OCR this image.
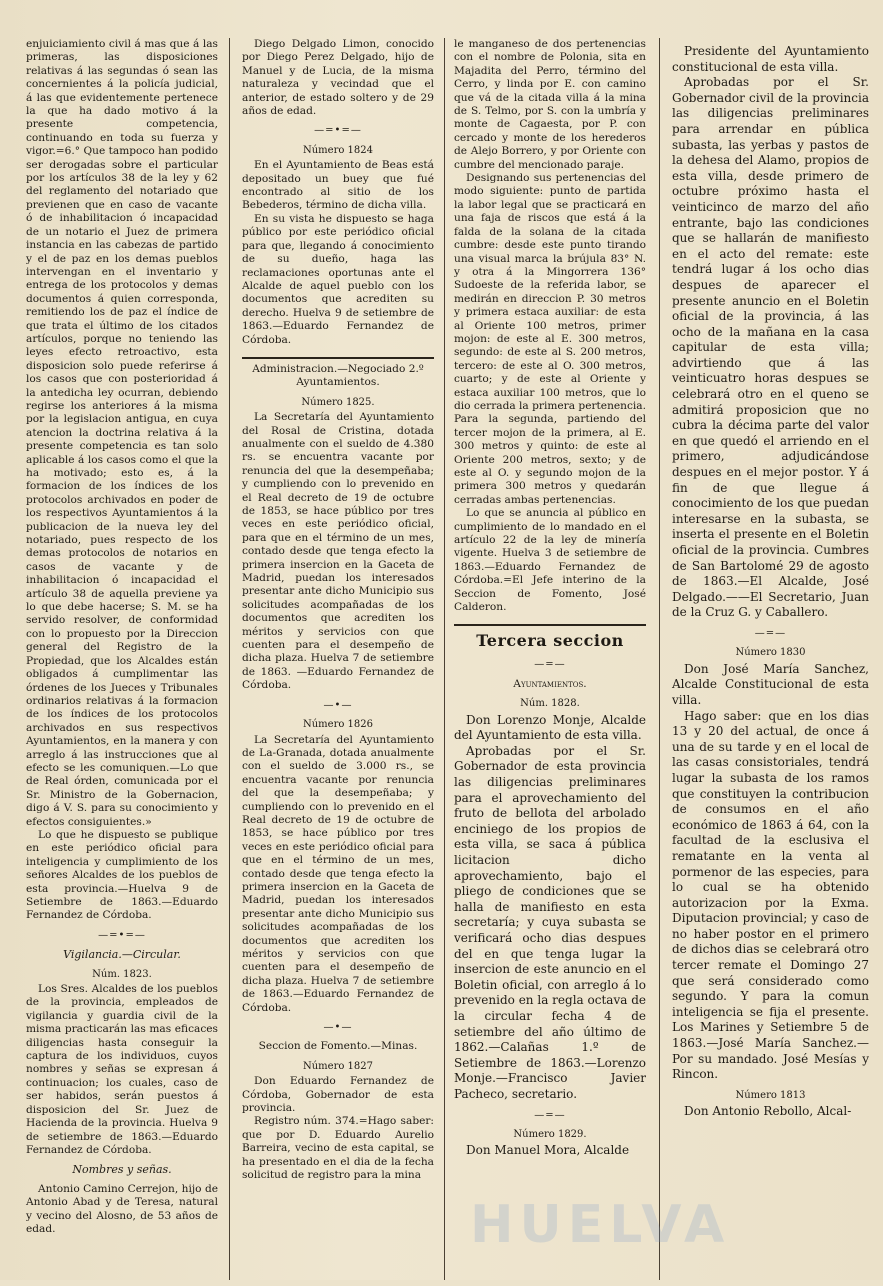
enjuiciamiento civil á mas que á las primeras, las disposiciones relativas á las segundas ó sean las concernientes á la policía judicial, á las que evidentemente pertenece la que ha dado motivo á la presente competencia, continuando en toda su fuerza y vigor.=6.° Que tampoco han podido ser derogadas sobre el particular por los artículos 38 de la ley y 62 del reglamento del notariado que previenen que en caso de vacante ó de inhabilitacion ó incapacidad de un notario el Juez de primera instancia en las cabezas de partido y el de paz en los demas pueblos intervengan en el inventario y entrega de los protocolos y demas documentos á quien corresponda, remitiendo los de paz el índice de que trata el último de los citados artículos, porque no teniendo las leyes efecto retroactivo, esta disposicion solo puede referirse á los casos que con posterioridad á la antedicha ley ocurran, debiendo regirse los anteriores á la misma por la legislacion antigua, en cuya atencion la doctrina relativa á la presente competencia es tan solo aplicable á los casos como el que la ha motivado; esto es, á la formacion de los índices de los protocolos archivados en poder de los respectivos Ayuntamientos á la publicacion de la nueva ley del notariado, pues respecto de los demas protocolos de notarios en casos de vacante y de inhabilitacion ó incapacidad el artículo 38 de aquella previene ya lo que debe hacerse; S. M. se ha servido resolver, de conformidad con lo propuesto por la Direccion general del Registro de la Propiedad, que los Alcaldes están obligados á cumplimentar las órdenes de los Jueces y Tribunales ordinarios relativas á la formacion de los índices de los protocolos archivados en sus respectivos Ayuntamientos, en la manera y con arreglo á las instrucciones que al efecto se les comuniquen.—Lo que de Real órden, comunicada por el Sr. Ministro de la Gobernacion, digo á V. S. para su conocimiento y efectos consiguientes.»

Lo que he dispuesto se publique en este periódico oficial para inteligencia y cumplimiento de los señores Alcaldes de los pueblos de esta provincia.—Huelva 9 de Setiembre de 1863.—Eduardo Fernandez de Córdoba.

—=•=—
Vigilancia.—Circular.
Núm. 1823.

Los Sres. Alcaldes de los pueblos de la provincia, empleados de vigilancia y guardia civil de la misma practicarán las mas eficaces diligencias hasta conseguir la captura de los individuos, cuyos nombres y señas se expresan á continuacion; los cuales, caso de ser habidos, serán puestos á disposicion del Sr. Juez de Hacienda de la provincia. Huelva 9 de setiembre de 1863.—Eduardo Fernandez de Córdoba.

Nombres y señas.

Antonio Camino Cerrejon, hijo de Antonio Abad y de Teresa, natural y vecino del Alosno, de 53 años de edad.

Diego Delgado Limon, conocido por Diego Perez Delgado, hijo de Manuel y de Lucia, de la misma naturaleza y vecindad que el anterior, de estado soltero y de 29 años de edad.

—=•=—
Número 1824

En el Ayuntamiento de Beas está depositado un buey que fué encontrado al sitio de los Bebederos, término de dicha villa.

En su vista he dispuesto se haga público por este periódico oficial para que, llegando á conocimiento de su dueño, haga las reclamaciones oportunas ante el Alcalde de aquel pueblo con los documentos que acrediten su derecho. Huelva 9 de setiembre de 1863.—Eduardo Fernandez de Córdoba.

Administracion.—Negociado 2.º Ayuntamientos.
Número 1825.

La Secretaría del Ayuntamiento del Rosal de Cristina, dotada anualmente con el sueldo de 4.380 rs. se encuentra vacante por renuncia del que la desempeñaba; y cumpliendo con lo prevenido en el Real decreto de 19 de octubre de 1853, se hace público por tres veces en este periódico oficial, para que en el término de un mes, contado desde que tenga efecto la primera insercion en la Gaceta de Madrid, puedan los interesados presentar ante dicho Municipio sus solicitudes acompañadas de los documentos que acrediten los méritos y servicios con que cuenten para el desempeño de dicha plaza. Huelva 7 de setiembre de 1863. —Eduardo Fernandez de Córdoba.

—•—
Número 1826

La Secretaría del Ayuntamiento de La-Granada, dotada anualmente con el sueldo de 3.000 rs., se encuentra vacante por renuncia del que la desempeñaba; y cumpliendo con lo prevenido en el Real decreto de 19 de octubre de 1853, se hace público por tres veces en este periódico oficial para que en el término de un mes, contado desde que tenga efecto la primera insercion en la Gaceta de Madrid, puedan los interesados presentar ante dicho Municipio sus solicitudes acompañadas de los documentos que acrediten los méritos y servicios con que cuenten para el desempeño de dicha plaza. Huelva 7 de setiembre de 1863.—Eduardo Fernandez de Córdoba.

—•—
Seccion de Fomento.—Minas.
Número 1827

Don Eduardo Fernandez de Córdoba, Gobernador de esta provincia.

Registro núm. 374.=Hago saber: que por D. Eduardo Aurelio Barreira, vecino de esta capital, se ha presentado en el dia de la fecha solicitud de registro para la mina

le manganeso de dos pertenencias con el nombre de Polonia, sita en Majadita del Perro, término del Cerro, y linda por E. con camino que vá de la citada villa á la mina de S. Telmo, por S. con la umbría y monte de Cagaesta, por P. con cercado y monte de los herederos de Alejo Borrero, y por Oriente con cumbre del mencionado paraje.

Designando sus pertenencias del modo siguiente: punto de partida la labor legal que se practicará en una faja de riscos que está á la falda de la solana de la citada cumbre: desde este punto tirando una visual marca la brújula 83° N. y otra á la Mingorrera 136° Sudoeste de la referida labor, se medirán en direccion P. 30 metros y primera estaca auxiliar: de esta al Oriente 100 metros, primer mojon: de este al E. 300 metros, segundo: de este al S. 200 metros, tercero: de este al O. 300 metros, cuarto; y de este al Oriente y estaca auxiliar 100 metros, que lo dio cerrada la primera pertenencia. Para la segunda, partiendo del tercer mojon de la primera, al E. 300 metros y quinto: de este al Oriente 200 metros, sexto; y de este al O. y segundo mojon de la primera 300 metros y quedarán cerradas ambas pertenencias.

Lo que se anuncia al público en cumplimiento de lo mandado en el artículo 22 de la ley de minería vigente. Huelva 3 de setiembre de 1863.—Eduardo Fernandez de Córdoba.=El Jefe interino de la Seccion de Fomento, José Calderon.

Tercera seccion
—=—
Ayuntamientos.
Núm. 1828.

Don Lorenzo Monje, Alcalde del Ayuntamiento de esta villa.

Aprobadas por el Sr. Gobernador de esta provincia las diligencias preliminares para el aprovechamiento del fruto de bellota del arbolado enciniego de los propios de esta villa, se saca á pública licitacion dicho aprovechamiento, bajo el pliego de condiciones que se halla de manifiesto en esta secretaría; y cuya subasta se verificará ocho dias despues del en que tenga lugar la insercion de este anuncio en el Boletin oficial, con arreglo á lo prevenido en la regla octava de la circular fecha 4 de setiembre del año último de 1862.—Calañas 1.º de Setiembre de 1863.—Lorenzo Monje.—Francisco Javier Pacheco, secretario.

—=—
Número 1829.

Don Manuel Mora, Alcalde

Presidente del Ayuntamiento constitucional de esta villa.

Aprobadas por el Sr. Gobernador civil de la provincia las diligencias preliminares para arrendar en pública subasta, las yerbas y pastos de la dehesa del Alamo, propios de esta villa, desde primero de octubre próximo hasta el veinticinco de marzo del año entrante, bajo las condiciones que se hallarán de manifiesto en el acto del remate: este tendrá lugar á los ocho dias despues de aparecer el presente anuncio en el Boletin oficial de la provincia, á las ocho de la mañana en la casa capitular de esta villa; advirtiendo que á las veinticuatro horas despues se celebrará otro en el queno se admitirá proposicion que no cubra la décima parte del valor en que quedó el arriendo en el primero, adjudicándose despues en el mejor postor. Y á fin de que llegue á conocimiento de los que puedan interesarse en la subasta, se inserta el presente en el Boletin oficial de la provincia. Cumbres de San Bartolomé 29 de agosto de 1863.—El Alcalde, José Delgado.——El Secretario, Juan de la Cruz G. y Caballero.

—=—
Número 1830

Don José María Sanchez, Alcalde Constitucional de esta villa.

Hago saber: que en los dias 13 y 20 del actual, de once á una de su tarde y en el local de las casas consistoriales, tendrá lugar la subasta de los ramos que constituyen la contribucion de consumos en el año económico de 1863 á 64, con la facultad de la esclusiva el rematante en la venta al pormenor de las especies, para lo cual se ha obtenido autorizacion por la Exma. Diputacion provincial; y caso de no haber postor en el primero de dichos dias se celebrará otro tercer remate el Domingo 27 que será considerado como segundo. Y para la comun inteligencia se fija el presente. Los Marines y Setiembre 5 de 1863.—José María Sanchez.—Por su mandado. José Mesías y Rincon.

Número 1813

Don Antonio Rebollo, Alcal-

HUELVA
